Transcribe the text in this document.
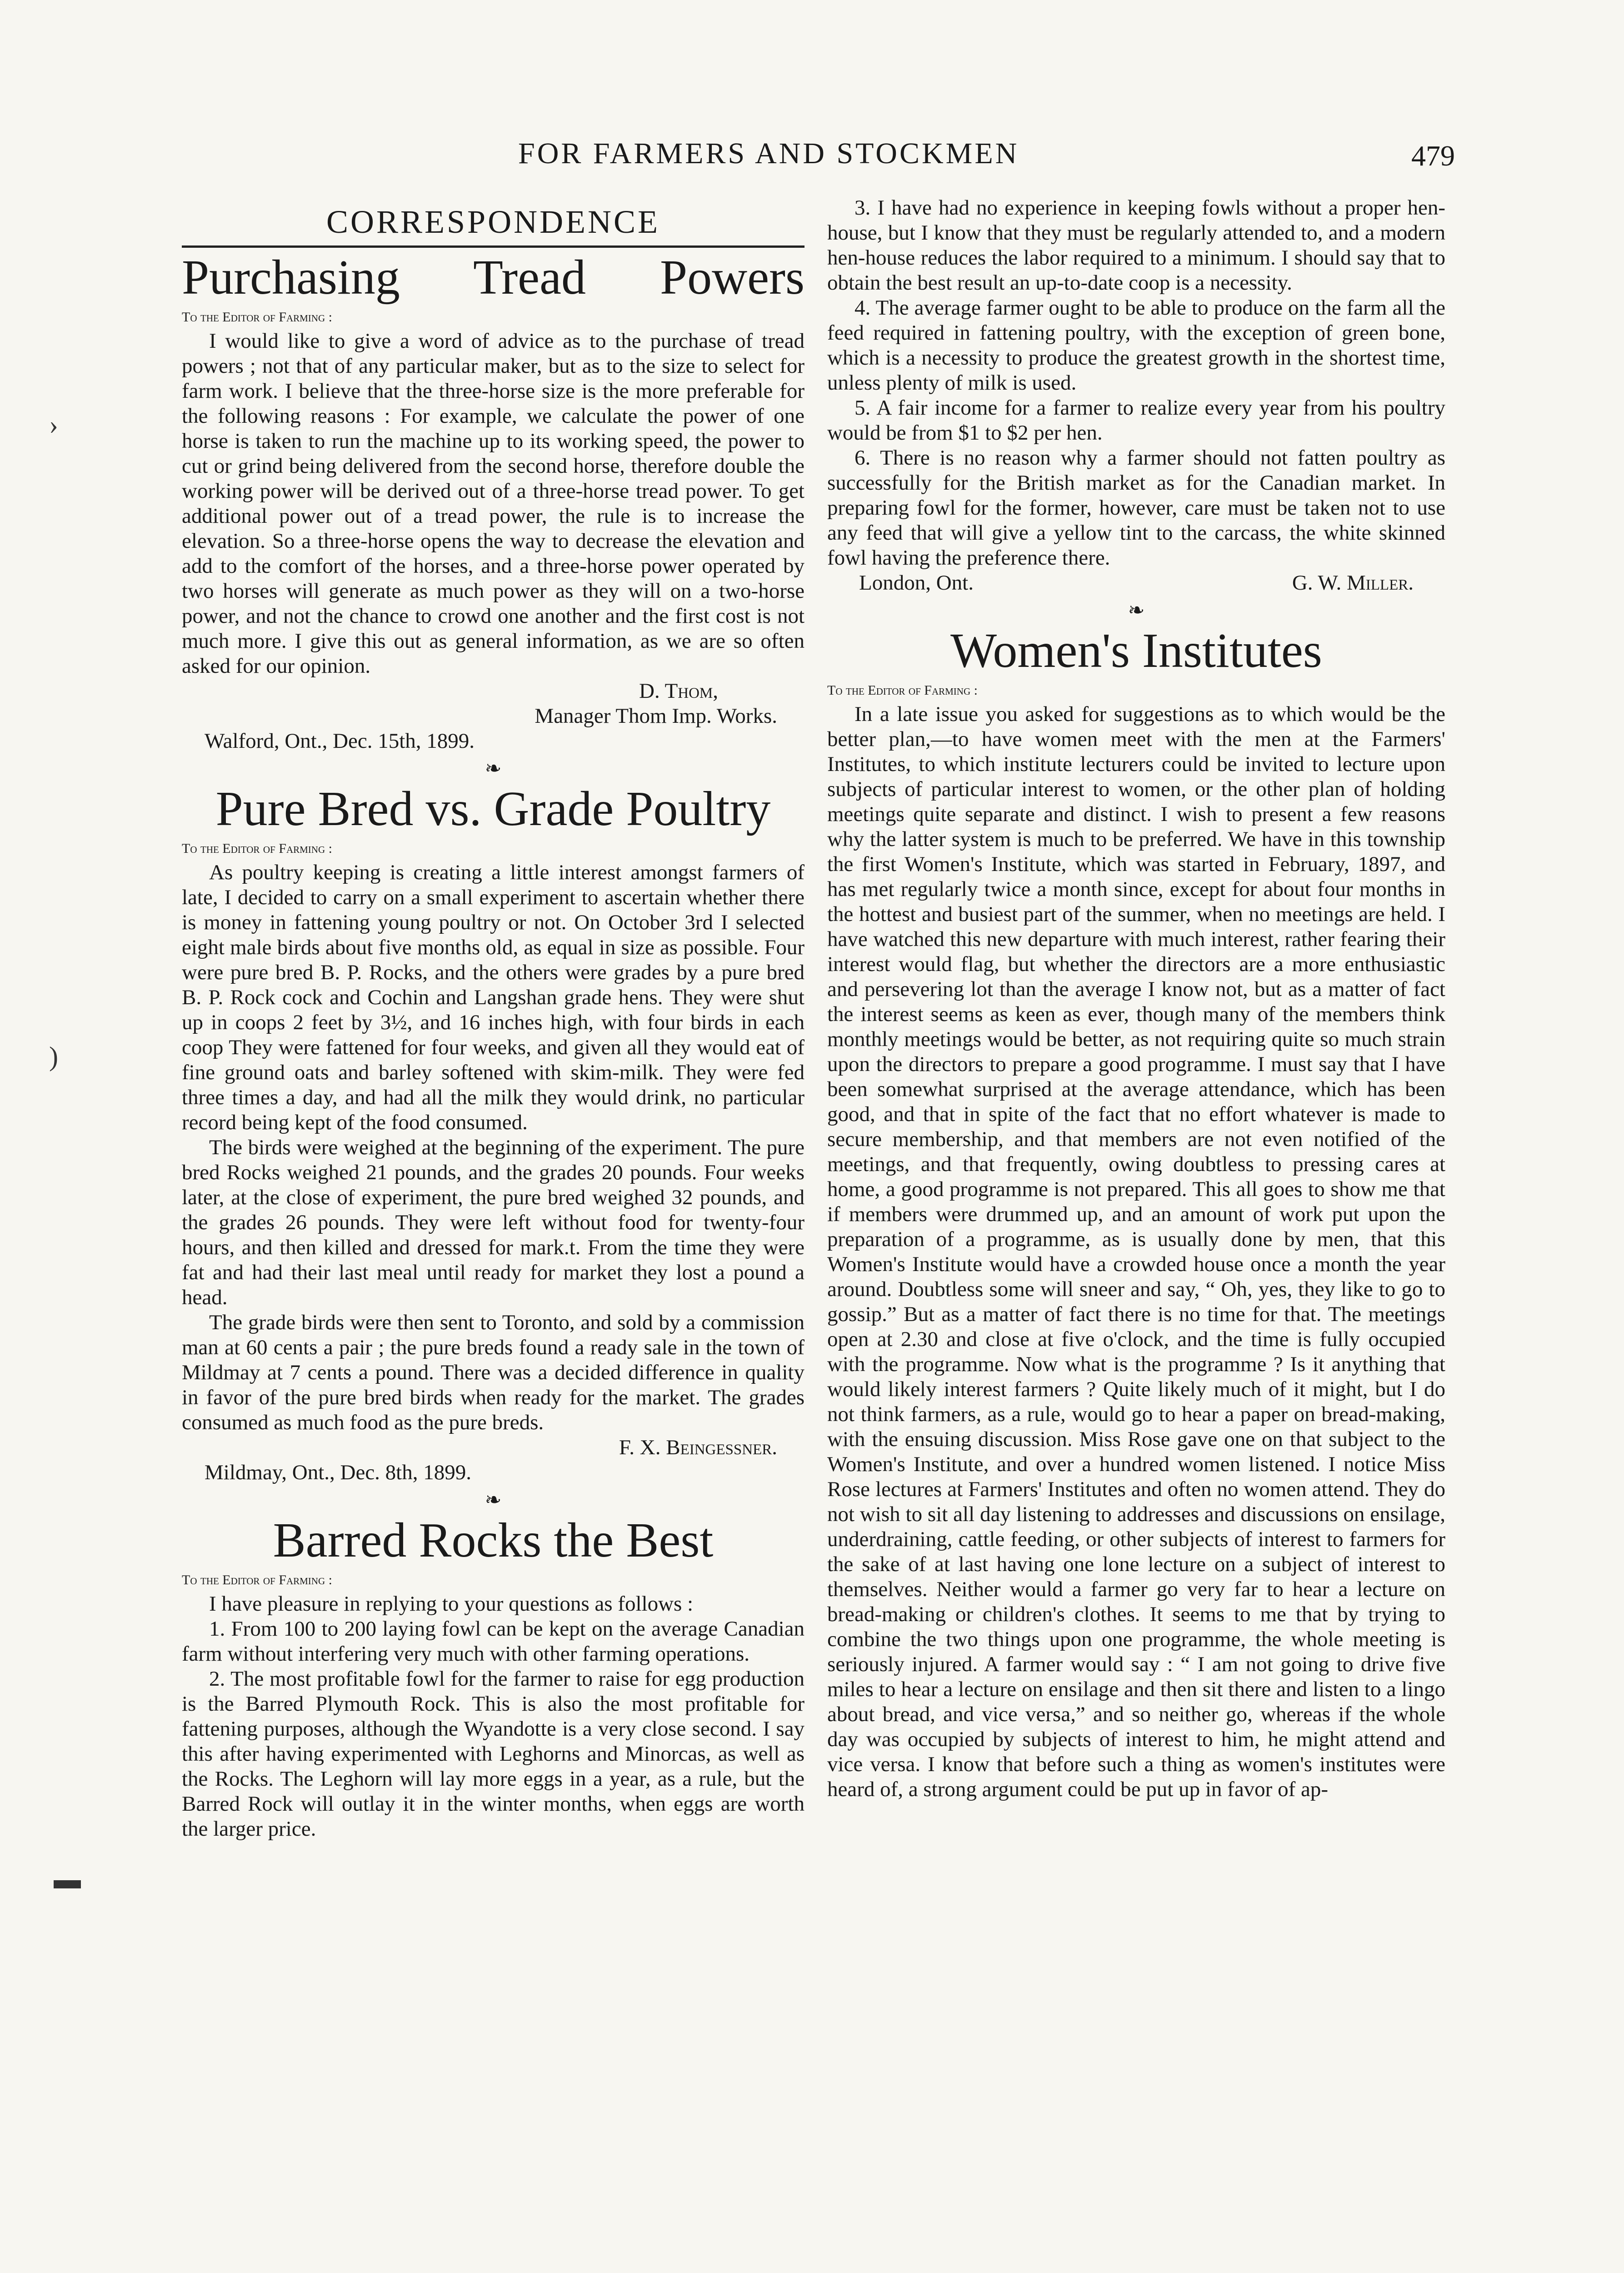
FOR FARMERS AND STOCKMEN	479
›
)
▬
CORRESPONDENCE
Purchasing Tread Powers
To the Editor of Farming :

I would like to give a word of advice as to the purchase of tread powers ; not that of any particular maker, but as to the size to select for farm work. I believe that the three-horse size is the more preferable for the following reasons : For example, we calculate the power of one horse is taken to run the machine up to its working speed, the power to cut or grind being delivered from the second horse, therefore double the working power will be derived out of a three-horse tread power. To get additional power out of a tread power, the rule is to increase the elevation. So a three-horse opens the way to decrease the elevation and add to the comfort of the horses, and a three-horse power operated by two horses will generate as much power as they will on a two-horse power, and not the chance to crowd one another and the first cost is not much more. I give this out as general information, as we are so often asked for our opinion.

D. Thom,
Manager Thom Imp. Works.
Walford, Ont., Dec. 15th, 1899.
❧
Pure Bred vs. Grade Poultry
To the Editor of Farming :

As poultry keeping is creating a little interest amongst farmers of late, I decided to carry on a small experiment to ascertain whether there is money in fattening young poultry or not. On October 3rd I selected eight male birds about five months old, as equal in size as possible. Four were pure bred B. P. Rocks, and the others were grades by a pure bred B. P. Rock cock and Cochin and Langshan grade hens. They were shut up in coops 2 feet by 3½, and 16 inches high, with four birds in each coop They were fattened for four weeks, and given all they would eat of fine ground oats and barley softened with skim-milk. They were fed three times a day, and had all the milk they would drink, no particular record being kept of the food consumed.

The birds were weighed at the beginning of the experiment. The pure bred Rocks weighed 21 pounds, and the grades 20 pounds. Four weeks later, at the close of experiment, the pure bred weighed 32 pounds, and the grades 26 pounds. They were left without food for twenty-four hours, and then killed and dressed for mark.t. From the time they were fat and had their last meal until ready for market they lost a pound a head.

The grade birds were then sent to Toronto, and sold by a commission man at 60 cents a pair ; the pure breds found a ready sale in the town of Mildmay at 7 cents a pound. There was a decided difference in quality in favor of the pure bred birds when ready for the market. The grades consumed as much food as the pure breds.

F. X. Beingessner.
Mildmay, Ont., Dec. 8th, 1899.
❧
Barred Rocks the Best
To the Editor of Farming :

I have pleasure in replying to your questions as follows :

1. From 100 to 200 laying fowl can be kept on the average Canadian farm without interfering very much with other farming operations.

2. The most profitable fowl for the farmer to raise for egg production is the Barred Plymouth Rock. This is also the most profitable for fattening purposes, although the Wyandotte is a very close second. I say this after having experimented with Leghorns and Minorcas, as well as the Rocks. The Leghorn will lay more eggs in a year, as a rule, but the Barred Rock will outlay it in the winter months, when eggs are worth the larger price.

3. I have had no experience in keeping fowls without a proper hen-house, but I know that they must be regularly attended to, and a modern hen-house reduces the labor required to a minimum. I should say that to obtain the best result an up-to-date coop is a necessity.

4. The average farmer ought to be able to produce on the farm all the feed required in fattening poultry, with the exception of green bone, which is a necessity to produce the greatest growth in the shortest time, unless plenty of milk is used.

5. A fair income for a farmer to realize every year from his poultry would be from $1 to $2 per hen.

6. There is no reason why a farmer should not fatten poultry as successfully for the British market as for the Canadian market. In preparing fowl for the former, however, care must be taken not to use any feed that will give a yellow tint to the carcass, the white skinned fowl having the preference there.

London, Ont.	G. W. Miller.
❧
Women's Institutes
To the Editor of Farming :

In a late issue you asked for suggestions as to which would be the better plan,—to have women meet with the men at the Farmers' Institutes, to which institute lecturers could be invited to lecture upon subjects of particular interest to women, or the other plan of holding meetings quite separate and distinct. I wish to present a few reasons why the latter system is much to be preferred. We have in this township the first Women's Institute, which was started in February, 1897, and has met regularly twice a month since, except for about four months in the hottest and busiest part of the summer, when no meetings are held. I have watched this new departure with much interest, rather fearing their interest would flag, but whether the directors are a more enthusiastic and persevering lot than the average I know not, but as a matter of fact the interest seems as keen as ever, though many of the members think monthly meetings would be better, as not requiring quite so much strain upon the directors to prepare a good programme. I must say that I have been somewhat surprised at the average attendance, which has been good, and that in spite of the fact that no effort whatever is made to secure membership, and that members are not even notified of the meetings, and that frequently, owing doubtless to pressing cares at home, a good programme is not prepared. This all goes to show me that if members were drummed up, and an amount of work put upon the preparation of a programme, as is usually done by men, that this Women's Institute would have a crowded house once a month the year around. Doubtless some will sneer and say, “ Oh, yes, they like to go to gossip.” But as a matter of fact there is no time for that. The meetings open at 2.30 and close at five o'clock, and the time is fully occupied with the programme. Now what is the programme ? Is it anything that would likely interest farmers ? Quite likely much of it might, but I do not think farmers, as a rule, would go to hear a paper on bread-making, with the ensuing discussion. Miss Rose gave one on that subject to the Women's Institute, and over a hundred women listened. I notice Miss Rose lectures at Farmers' Institutes and often no women attend. They do not wish to sit all day listening to addresses and discussions on ensilage, underdraining, cattle feeding, or other subjects of interest to farmers for the sake of at last having one lone lecture on a subject of interest to themselves. Neither would a farmer go very far to hear a lecture on bread-making or children's clothes. It seems to me that by trying to combine the two things upon one programme, the whole meeting is seriously injured. A farmer would say : “ I am not going to drive five miles to hear a lecture on ensilage and then sit there and listen to a lingo about bread, and vice versa,” and so neither go, whereas if the whole day was occupied by subjects of interest to him, he might attend and vice versa. I know that before such a thing as women's institutes were heard of, a strong argument could be put up in favor of ap-
